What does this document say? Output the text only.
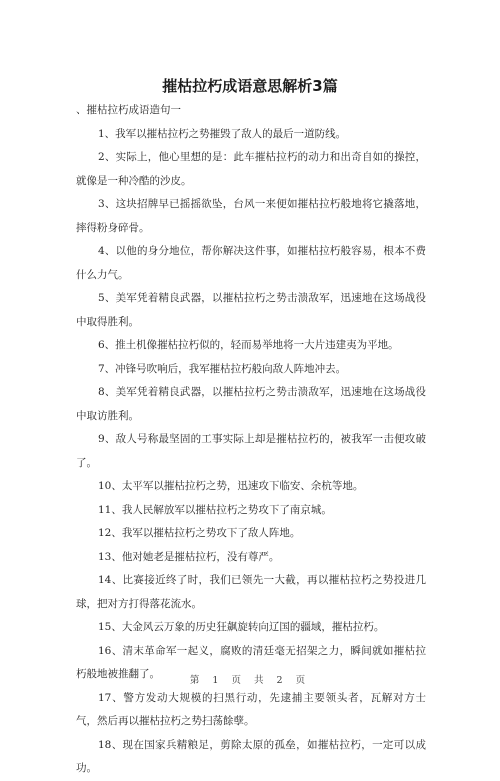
摧枯拉朽成语意思解析3篇

、摧枯拉朽成语造句一

1、我军以摧枯拉朽之势摧毁了敌人的最后一道防线。

2、实际上，他心里想的是：此车摧枯拉朽的动力和出奇自如的操控，就像是一种冷酷的沙皮。

3、这块招牌早已摇摇欲坠，台风一来便如摧枯拉朽般地将它撬落地，摔得粉身碎骨。

4、以他的身分地位，帮你解决这件事，如摧枯拉朽般容易，根本不费什么力气。

5、美军凭着精良武器，以摧枯拉朽之势击溃敌军，迅速地在这场战役中取得胜利。

6、推土机像摧枯拉朽似的，轻而易举地将一大片违建夷为平地。

7、冲锋号吹响后，我军摧枯拉朽般向敌人阵地冲去。

8、美军凭着精良武器，以摧枯拉朽之势击溃敌军，迅速地在这场战役中取访胜利。

9、敌人号称最坚固的工事实际上却是摧枯拉朽的，被我军一击便攻破了。

10、太平军以摧枯拉朽之势，迅速攻下临安、余杭等地。

11、我人民解放军以摧枯拉朽之势攻下了南京城。

12、我军以摧枯拉朽之势攻下了敌人阵地。

13、他对她老是摧枯拉朽，没有尊严。

14、比赛接近终了时，我们已领先一大截，再以摧枯拉朽之势投进几球，把对方打得落花流水。

15、大金风云万象的历史狂飙旋转向辽国的疆域，摧枯拉朽。

16、清末革命军一起义，腐败的清廷毫无招架之力，瞬间就如摧枯拉朽般地被推翻了。

17、警方发动大规模的扫黑行动，先逮捕主要领头者，瓦解对方士气，然后再以摧枯拉朽之势扫荡餘孽。

18、现在国家兵精粮足，剪除太原的孤垒，如摧枯拉朽，一定可以成功。

第 1 页 共 2 页
